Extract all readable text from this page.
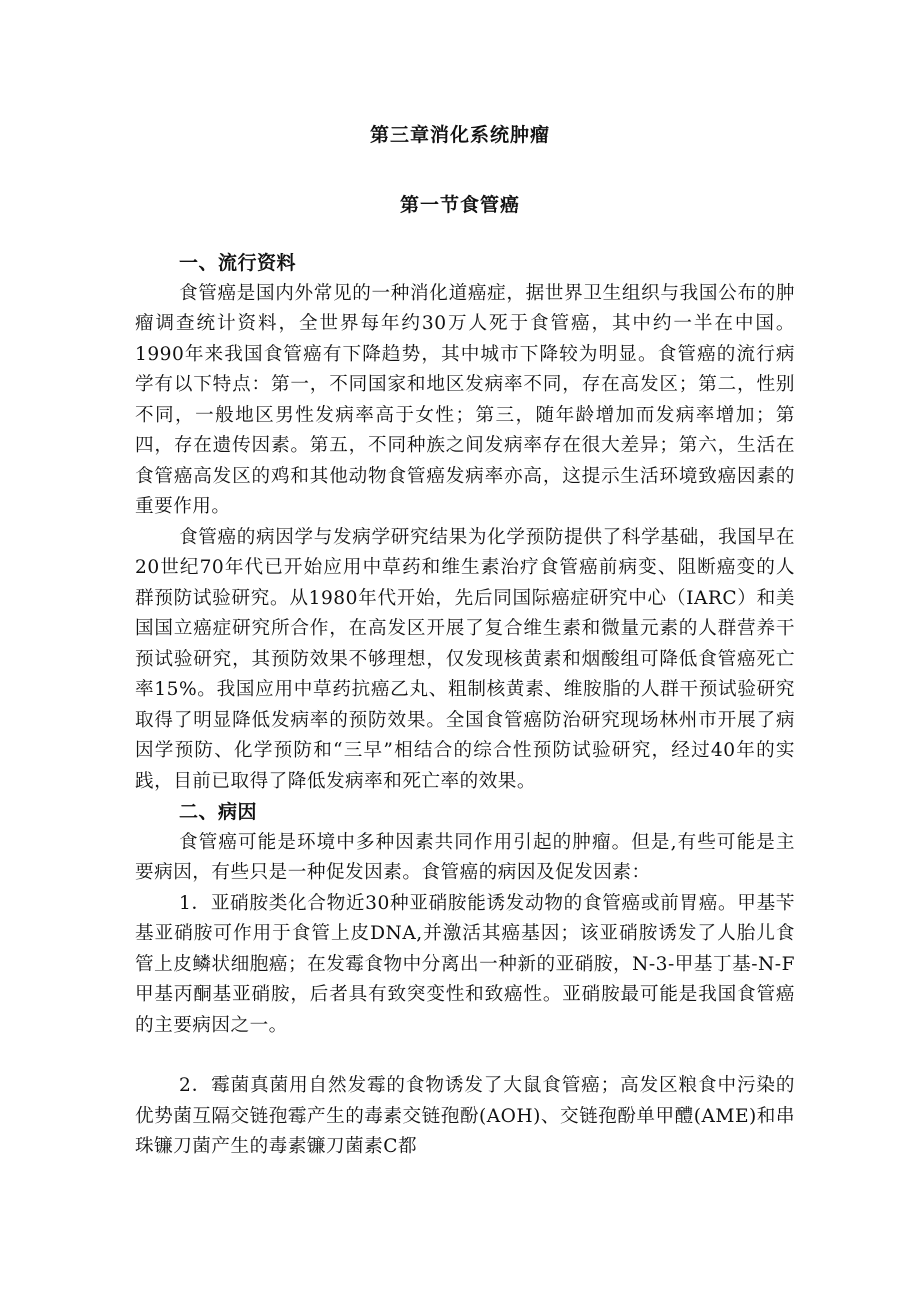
第三章消化系统肿瘤
第一节食管癌

一、流行资料

食管癌是国内外常见的一种消化道癌症，据世界卫生组织与我国公布的肿瘤调查统计资料，全世界每年约30万人死于食管癌，其中约一半在中国。1990年来我国食管癌有下降趋势，其中城市下降较为明显。食管癌的流行病学有以下特点：第一，不同国家和地区发病率不同，存在高发区；第二，性别不同，一般地区男性发病率高于女性；第三，随年龄增加而发病率增加；第四，存在遗传因素。第五，不同种族之间发病率存在很大差异；第六，生活在食管癌高发区的鸡和其他动物食管癌发病率亦高，这提示生活环境致癌因素的重要作用。

食管癌的病因学与发病学研究结果为化学预防提供了科学基础，我国早在20世纪70年代已开始应用中草药和维生素治疗食管癌前病变、阻断癌变的人群预防试验研究。从1980年代开始，先后同国际癌症研究中心（IARC）和美国国立癌症研究所合作，在高发区开展了复合维生素和微量元素的人群营养干预试验研究，其预防效果不够理想，仅发现核黄素和烟酸组可降低食管癌死亡率15%。我国应用中草药抗癌乙丸、粗制核黄素、维胺脂的人群干预试验研究取得了明显降低发病率的预防效果。全国食管癌防治研究现场林州市开展了病因学预防、化学预防和“三早”相结合的综合性预防试验研究，经过40年的实践，目前已取得了降低发病率和死亡率的效果。

二、病因

食管癌可能是环境中多种因素共同作用引起的肿瘤。但是,有些可能是主要病因，有些只是一种促发因素。食管癌的病因及促发因素：

1．亚硝胺类化合物近30种亚硝胺能诱发动物的食管癌或前胃癌。甲基苄基亚硝胺可作用于食管上皮DNA,并激活其癌基因；该亚硝胺诱发了人胎儿食管上皮鳞状细胞癌；在发霉食物中分离出一种新的亚硝胺，N-3-甲基丁基-N-F甲基丙酮基亚硝胺，后者具有致突变性和致癌性。亚硝胺最可能是我国食管癌的主要病因之一。

2．霉菌真菌用自然发霉的食物诱发了大鼠食管癌；高发区粮食中污染的优势菌互隔交链孢霉产生的毒素交链孢酚(AOH)、交链孢酚单甲醴(AME)和串珠镰刀菌产生的毒素镰刀菌素C都
